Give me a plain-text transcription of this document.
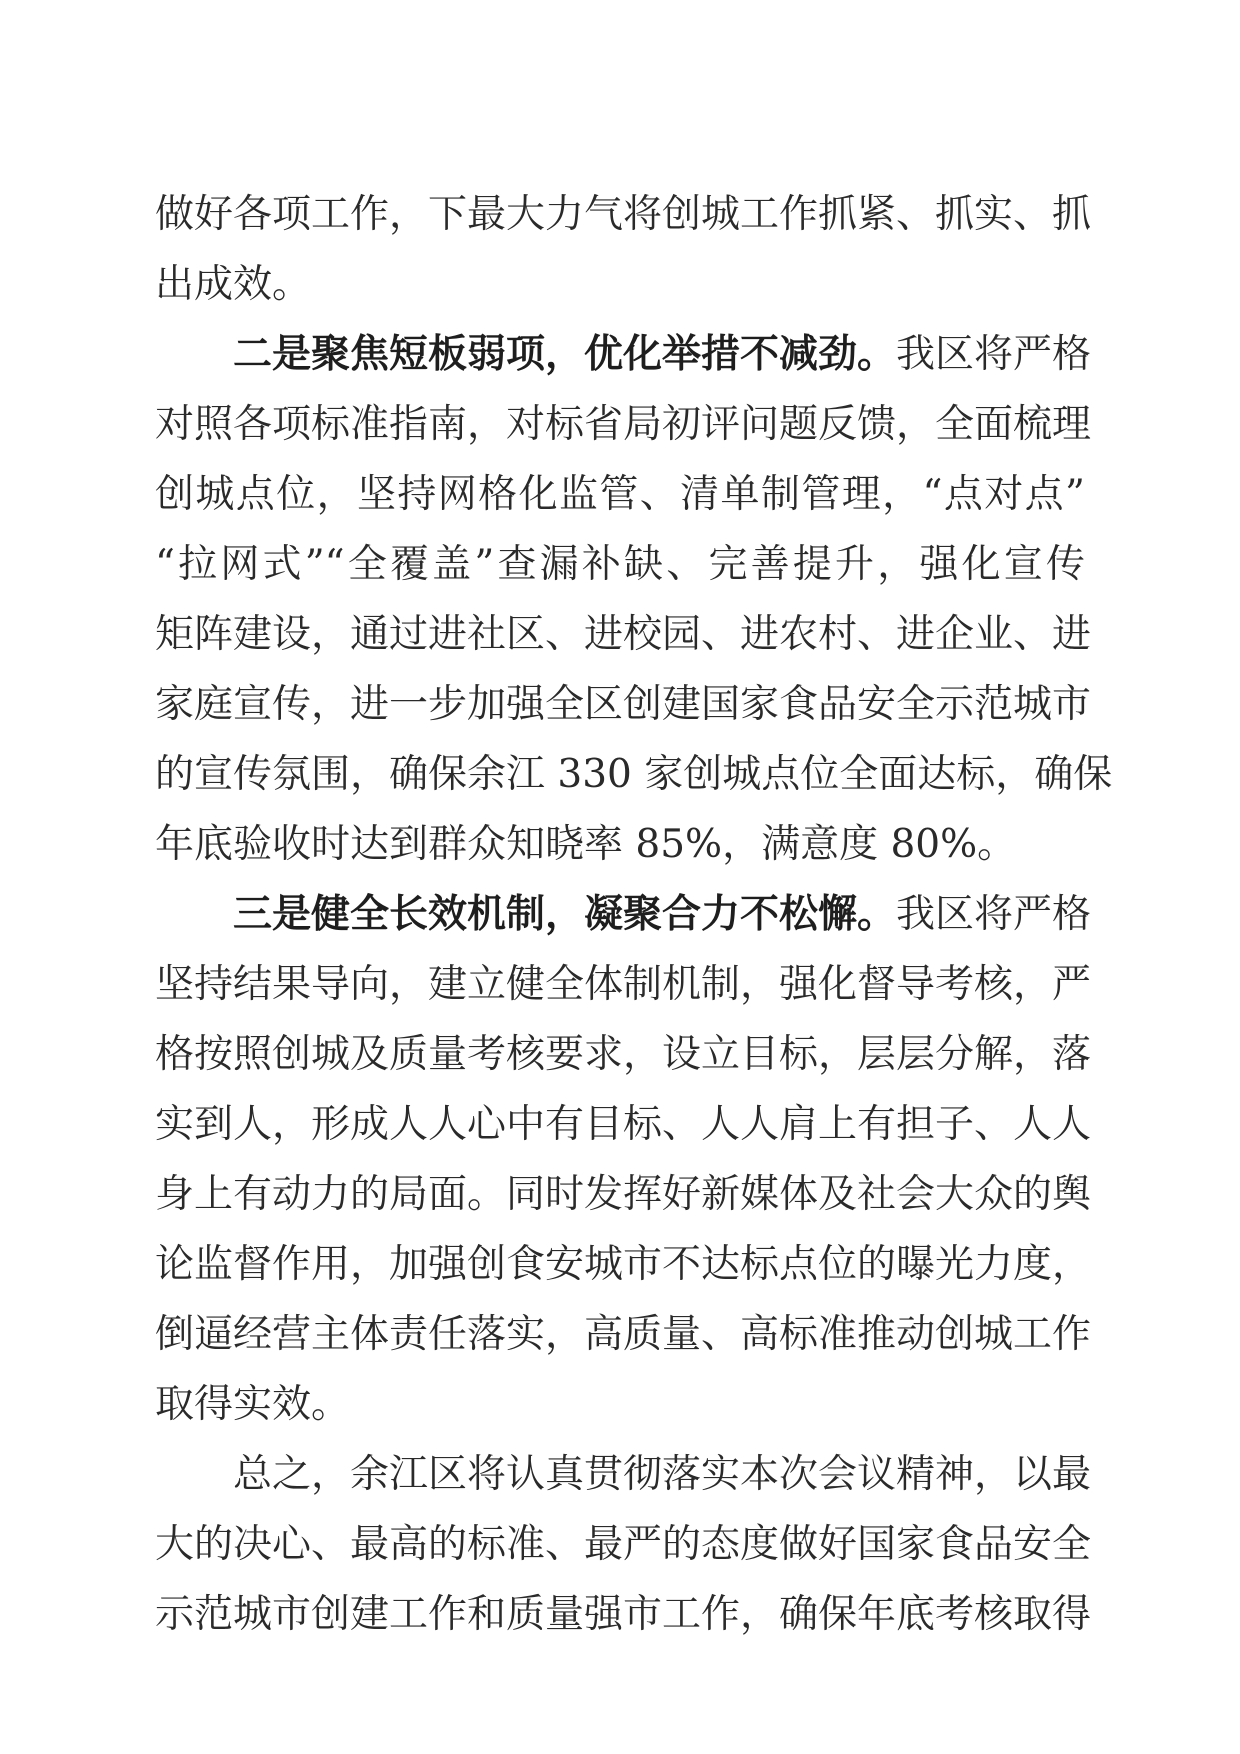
做好各项工作，下最大力气将创城工作抓紧、抓实、抓
出成效。
二是聚焦短板弱项，优化举措不减劲。我区将严格
对照各项标准指南，对标省局初评问题反馈，全面梳理
创城点位，坚持网格化监管、清单制管理，“点对点”
“拉网式”“全覆盖”查漏补缺、完善提升，强化宣传
矩阵建设，通过进社区、进校园、进农村、进企业、进
家庭宣传，进一步加强全区创建国家食品安全示范城市
的宣传氛围，确保余江 330 家创城点位全面达标，确保
年底验收时达到群众知晓率 85%，满意度 80%。
三是健全长效机制，凝聚合力不松懈。我区将严格
坚持结果导向，建立健全体制机制，强化督导考核，严
格按照创城及质量考核要求，设立目标，层层分解，落
实到人，形成人人心中有目标、人人肩上有担子、人人
身上有动力的局面。同时发挥好新媒体及社会大众的舆
论监督作用，加强创食安城市不达标点位的曝光力度，
倒逼经营主体责任落实，高质量、高标准推动创城工作
取得实效。
总之，余江区将认真贯彻落实本次会议精神，以最
大的决心、最高的标准、最严的态度做好国家食品安全
示范城市创建工作和质量强市工作，确保年底考核取得
